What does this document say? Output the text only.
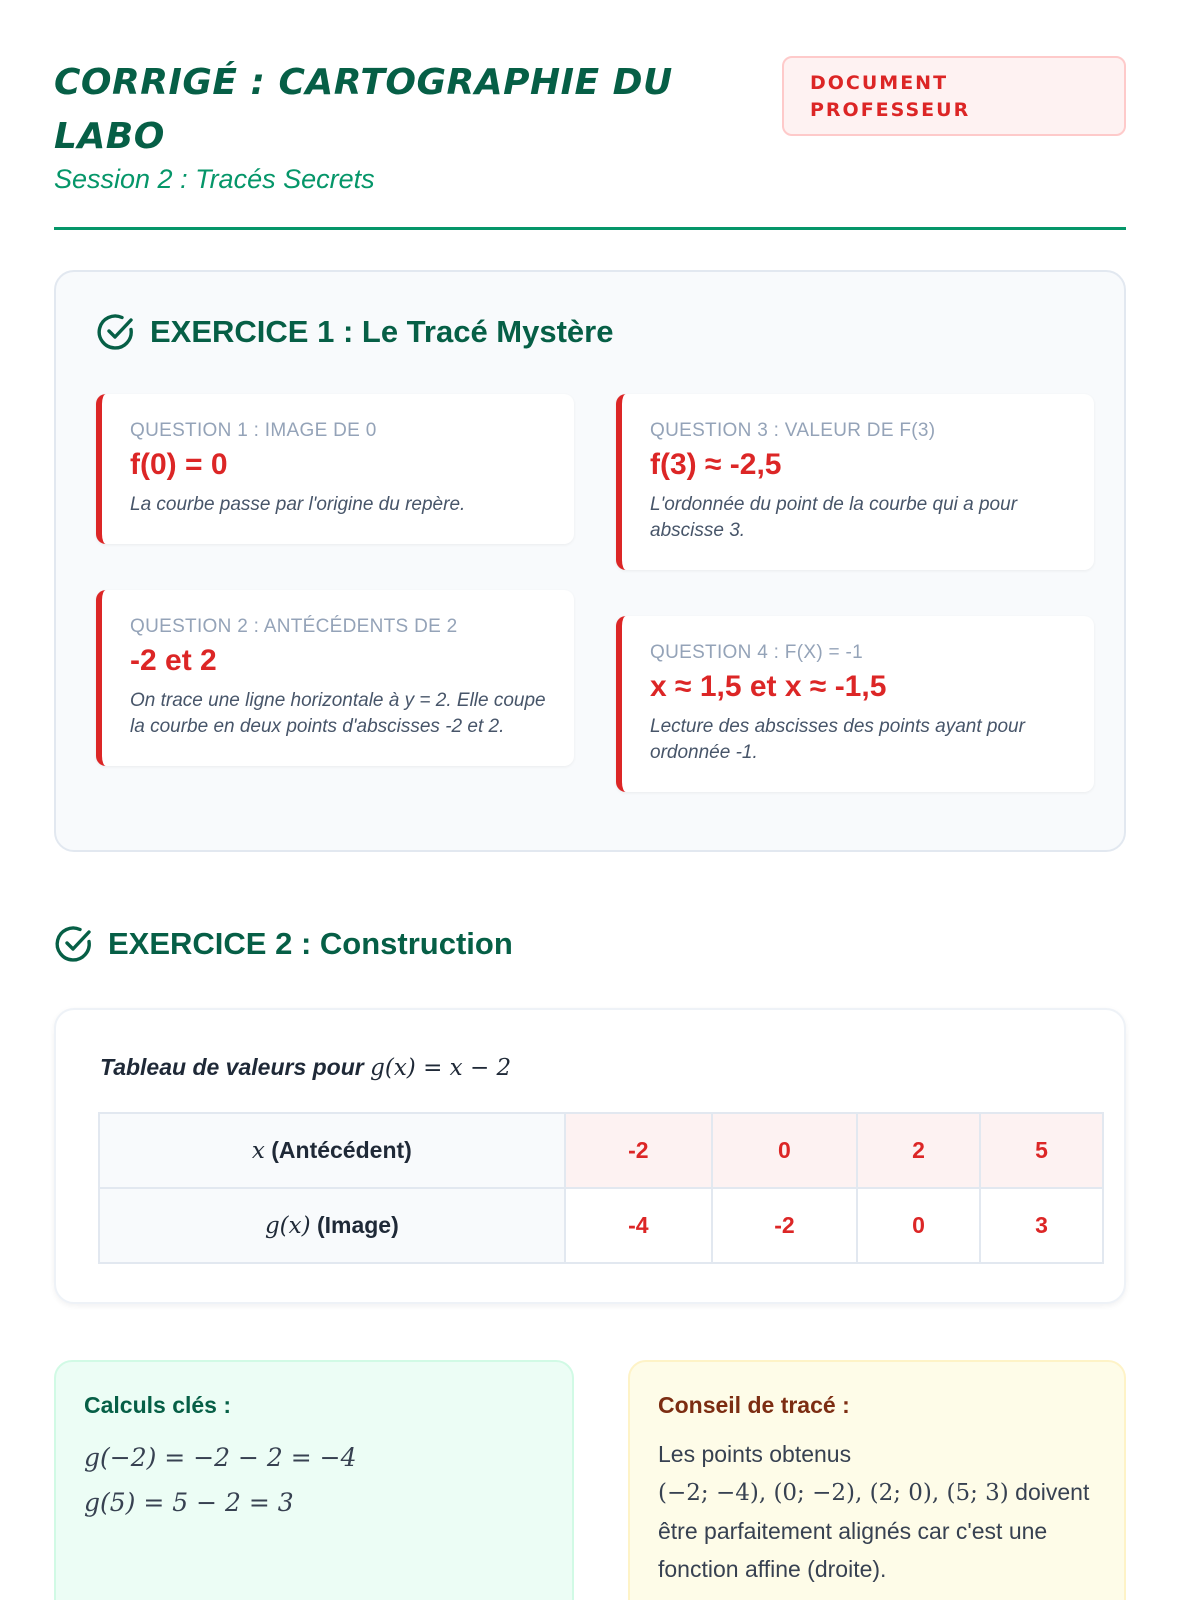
CORRIGÉ : CARTOGRAPHIE DU LABO
Session 2 : Tracés Secrets
DOCUMENT
PROFESSEUR
EXERCICE 1 : Le Tracé Mystère
QUESTION 1 : IMAGE DE 0
f(0) = 0
La courbe passe par l'origine du repère.
QUESTION 2 : ANTÉCÉDENTS DE 2
-2 et 2
On trace une ligne horizontale à y = 2. Elle coupe la courbe en deux points d'abscisses -2 et 2.
QUESTION 3 : VALEUR DE F(3)
f(3) ≈ -2,5
L'ordonnée du point de la courbe qui a pour abscisse 3.
QUESTION 4 : F(X) = -1
x ≈ 1,5 et x ≈ -1,5
Lecture des abscisses des points ayant pour ordonnée -1.
EXERCICE 2 : Construction
Tableau de valeurs pour g(x) = x − 2
x (Antécédent)	-2	0	2	5
g(x) (Image)	-4	-2	0	3
Calculs clés :
g(−2) = −2 − 2 = −4
g(5) = 5 − 2 = 3
Conseil de tracé :

Les points obtenus
(−2; −4), (0; −2), (2; 0), (5; 3) doivent être parfaitement alignés car c'est une fonction affine (droite).
